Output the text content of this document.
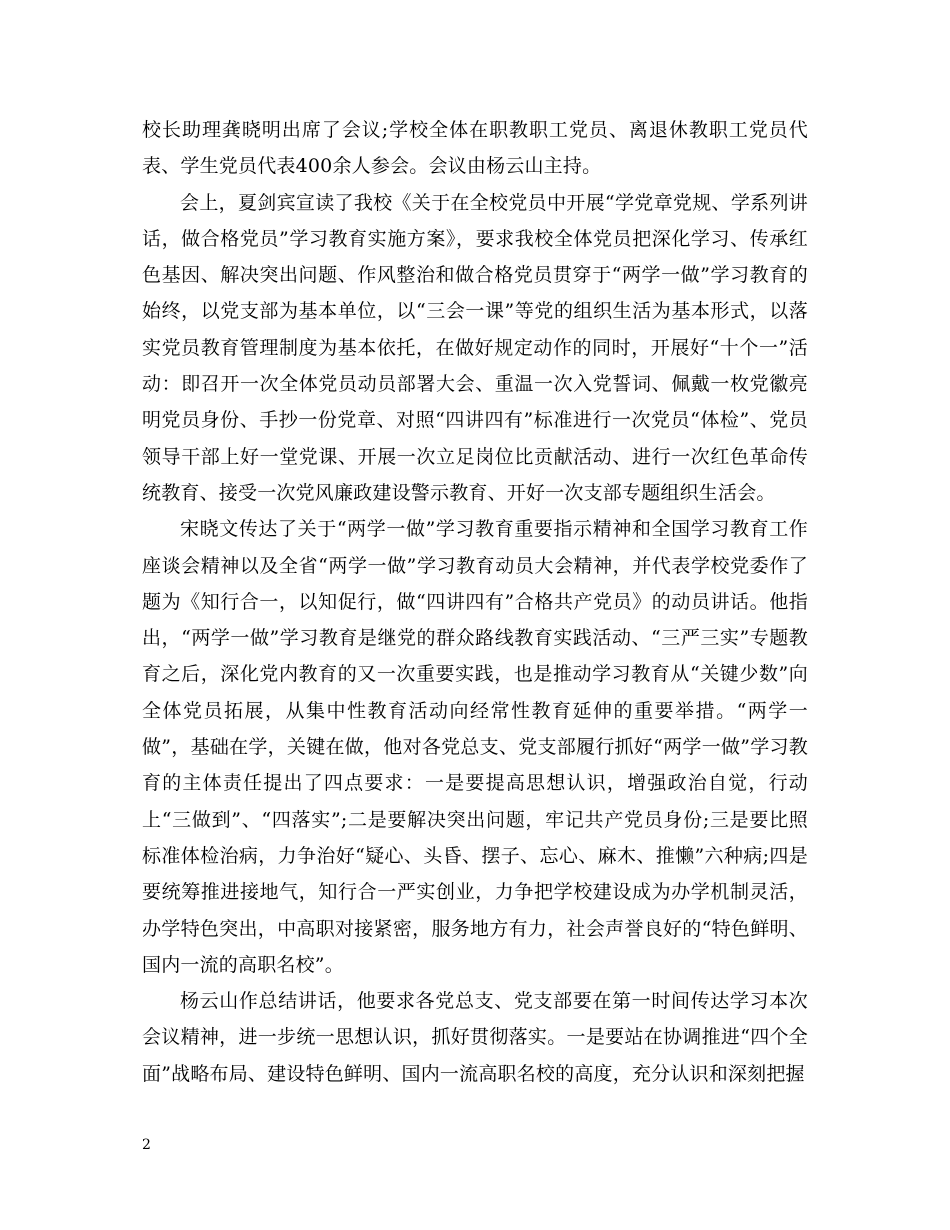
校长助理龚晓明出席了会议;学校全体在职教职工党员、离退休教职工党员代表、学生党员代表400余人参会。会议由杨云山主持。

会上，夏剑宾宣读了我校《关于在全校党员中开展“学党章党规、学系列讲话，做合格党员”学习教育实施方案》，要求我校全体党员把深化学习、传承红色基因、解决突出问题、作风整治和做合格党员贯穿于“两学一做”学习教育的始终，以党支部为基本单位，以“三会一课”等党的组织生活为基本形式，以落实党员教育管理制度为基本依托，在做好规定动作的同时，开展好“十个一”活动：即召开一次全体党员动员部署大会、重温一次入党誓词、佩戴一枚党徽亮明党员身份、手抄一份党章、对照“四讲四有”标准进行一次党员“体检”、党员领导干部上好一堂党课、开展一次立足岗位比贡献活动、进行一次红色革命传统教育、接受一次党风廉政建设警示教育、开好一次支部专题组织生活会。

宋晓文传达了关于“两学一做”学习教育重要指示精神和全国学习教育工作座谈会精神以及全省“两学一做”学习教育动员大会精神，并代表学校党委作了题为《知行合一，以知促行，做“四讲四有”合格共产党员》的动员讲话。他指出，“两学一做”学习教育是继党的群众路线教育实践活动、“三严三实”专题教育之后，深化党内教育的又一次重要实践，也是推动学习教育从“关键少数”向全体党员拓展，从集中性教育活动向经常性教育延伸的重要举措。“两学一做”，基础在学，关键在做，他对各党总支、党支部履行抓好“两学一做”学习教育的主体责任提出了四点要求：一是要提高思想认识，增强政治自觉，行动上“三做到”、“四落实”;二是要解决突出问题，牢记共产党员身份;三是要比照标准体检治病，力争治好“疑心、头昏、摆子、忘心、麻木、推懒”六种病;四是要统筹推进接地气，知行合一严实创业，力争把学校建设成为办学机制灵活，办学特色突出，中高职对接紧密，服务地方有力，社会声誉良好的“特色鲜明、国内一流的高职名校”。

杨云山作总结讲话，他要求各党总支、党支部要在第一时间传达学习本次会议精神，进一步统一思想认识，抓好贯彻落实。一是要站在协调推进“四个全面”战略布局、建设特色鲜明、国内一流高职名校的高度，充分认识和深刻把握

2
